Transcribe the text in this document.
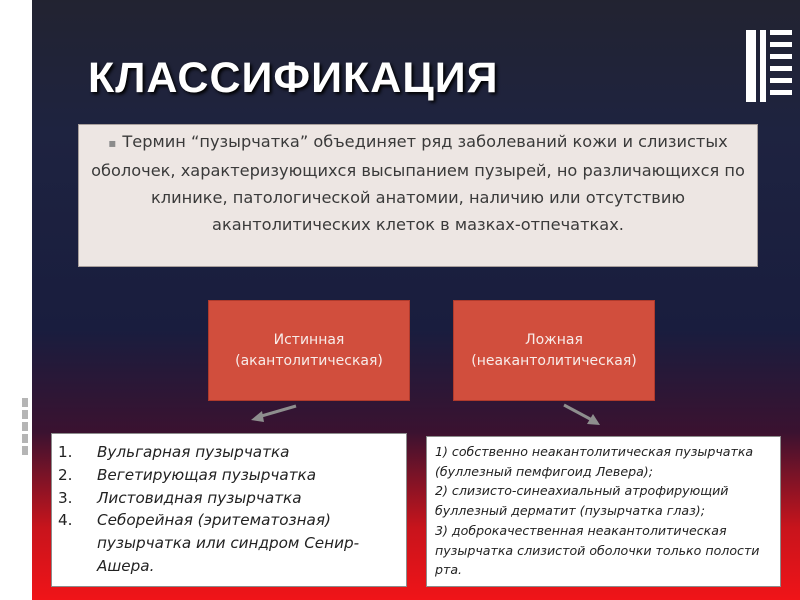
КЛАССИФИКАЦИЯ
▪ Термин “пузырчатка” объединяет ряд заболеваний кожи и слизистых оболочек, характеризующихся высыпанием пузырей, но различающихся по клинике, патологической анатомии, наличию или отсутствию акантолитических клеток в мазках-отпечатках.
Истинная
(акантолитическая)
Ложная
(неакантолитическая)
1.	Вульгарная пузырчатка
2.	Вегетирующая пузырчатка
3.	Листовидная пузырчатка
4.	Себорейная (эритематозная) пузырчатка или синдром Сенир-Ашера.
1) собственно неакантолитическая пузырчатка (буллезный пемфигоид Левера);
2) слизисто-синеахиальный атрофирующий буллезный дерматит (пузырчатка глаз);
3) доброкачественная неакантолитическая пузырчатка слизистой оболочки только полости рта.
